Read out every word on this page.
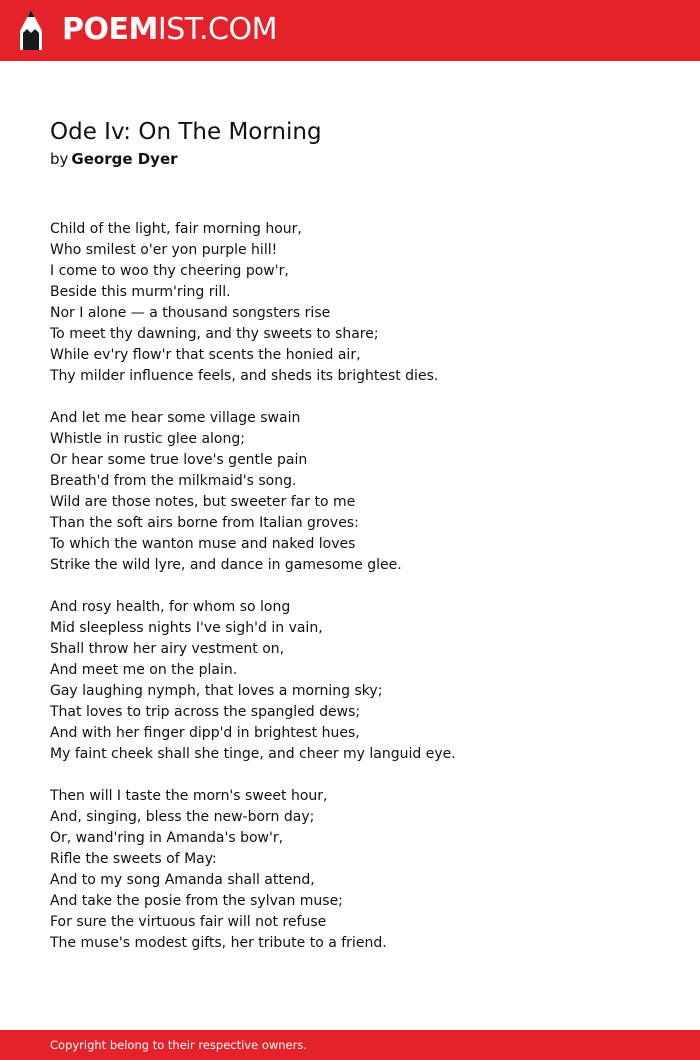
POEMIST.COM
Ode Iv: On The Morning
by George Dyer

Child of the light, fair morning hour,
Who smilest o'er yon purple hill!
I come to woo thy cheering pow'r,
Beside this murm'ring rill.
Nor I alone — a thousand songsters rise
To meet thy dawning, and thy sweets to share;
While ev'ry flow'r that scents the honied air,
Thy milder influence feels, and sheds its brightest dies.

And let me hear some village swain
Whistle in rustic glee along;
Or hear some true love's gentle pain
Breath'd from the milkmaid's song.
Wild are those notes, but sweeter far to me
Than the soft airs borne from Italian groves:
To which the wanton muse and naked loves
Strike the wild lyre, and dance in gamesome glee.

And rosy health, for whom so long
Mid sleepless nights I've sigh'd in vain,
Shall throw her airy vestment on,
And meet me on the plain.
Gay laughing nymph, that loves a morning sky;
That loves to trip across the spangled dews;
And with her finger dipp'd in brightest hues,
My faint cheek shall she tinge, and cheer my languid eye.

Then will I taste the morn's sweet hour,
And, singing, bless the new-born day;
Or, wand'ring in Amanda's bow'r,
Rifle the sweets of May:
And to my song Amanda shall attend,
And take the posie from the sylvan muse;
For sure the virtuous fair will not refuse
The muse's modest gifts, her tribute to a friend.

Copyright belong to their respective owners.
